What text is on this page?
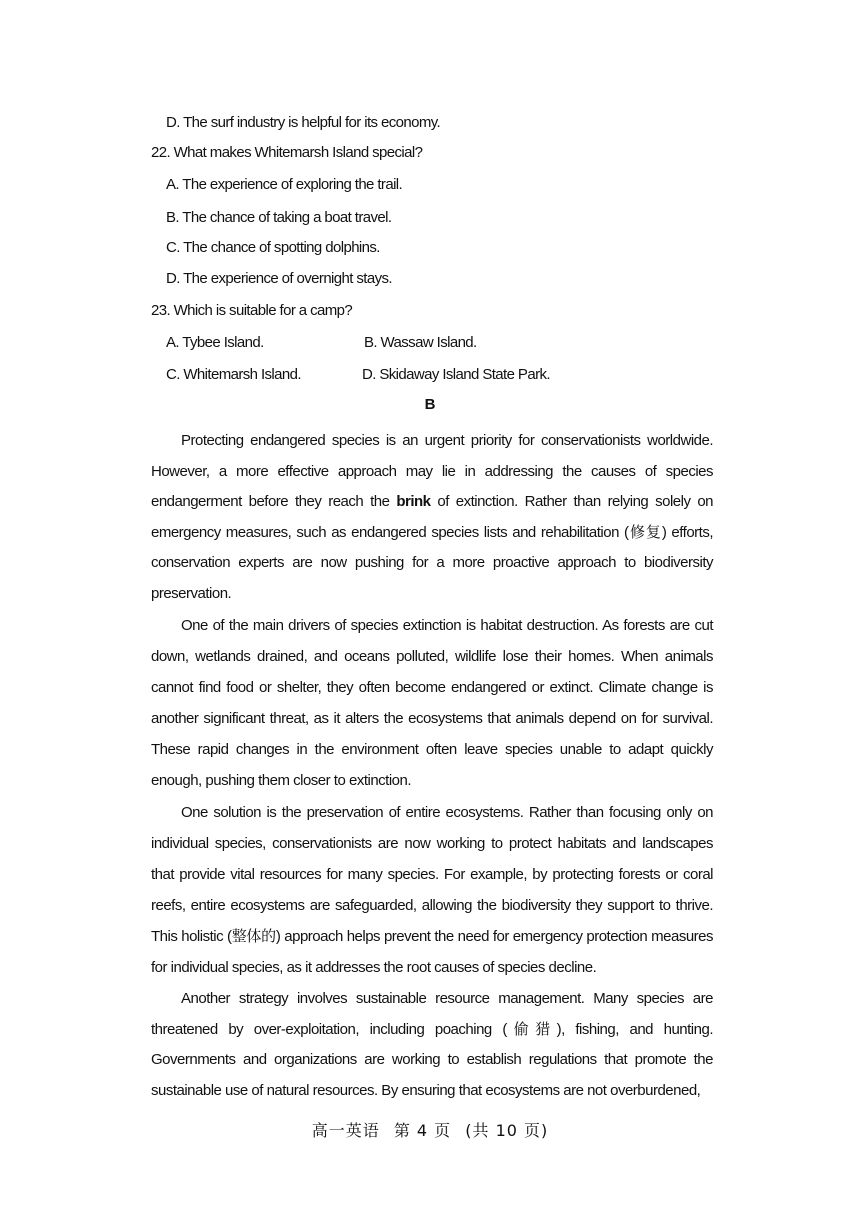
D. The surf industry is helpful for its economy.
22. What makes Whitemarsh Island special?
A. The experience of exploring the trail.
B. The chance of taking a boat travel.
C. The chance of spotting dolphins.
D. The experience of overnight stays.
23. Which is suitable for a camp?
A. Tybee Island.	B. Wassaw Island.
C. Whitemarsh Island.	D. Skidaway Island State Park.
B

Protecting endangered species is an urgent priority for conservationists worldwide. However, a more effective approach may lie in addressing the causes of species endangerment before they reach the brink of extinction. Rather than relying solely on emergency measures, such as endangered species lists and rehabilitation (修复) efforts, conservation experts are now pushing for a more proactive approach to biodiversity preservation.

One of the main drivers of species extinction is habitat destruction. As forests are cut down, wetlands drained, and oceans polluted, wildlife lose their homes. When animals cannot find food or shelter, they often become endangered or extinct. Climate change is another significant threat, as it alters the ecosystems that animals depend on for survival. These rapid changes in the environment often leave species unable to adapt quickly enough, pushing them closer to extinction.

One solution is the preservation of entire ecosystems. Rather than focusing only on individual species, conservationists are now working to protect habitats and landscapes that provide vital resources for many species. For example, by protecting forests or coral reefs, entire ecosystems are safeguarded, allowing the biodiversity they support to thrive. This holistic (整体的) approach helps prevent the need for emergency protection measures for individual species, as it addresses the root causes of species decline.

Another strategy involves sustainable resource management. Many species are threatened by over-exploitation, including poaching (偷猎), fishing, and hunting. Governments and organizations are working to establish regulations that promote the sustainable use of natural resources. By ensuring that ecosystems are not overburdened,

高一英语 第 4 页 (共 10 页)
